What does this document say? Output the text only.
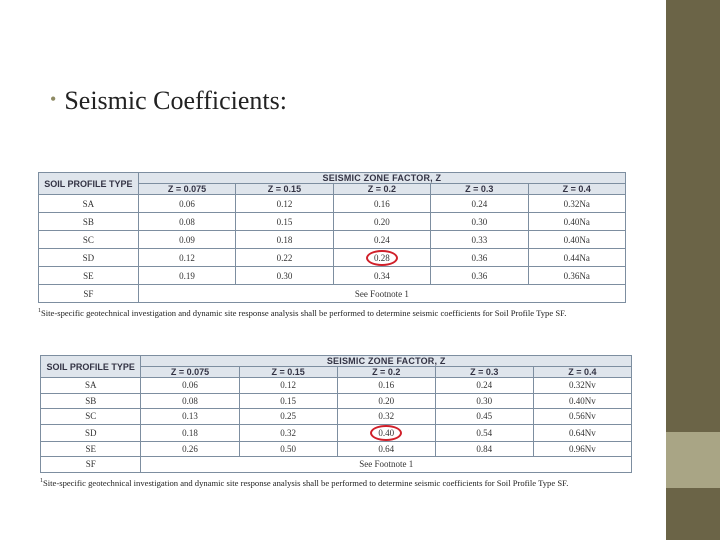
• Seismic Coefficients:
SOIL PROFILE TYPE	SEISMIC ZONE FACTOR, Z				
	Z = 0.075	Z = 0.15	Z = 0.2	Z = 0.3	Z = 0.4
SA	0.06	0.12	0.16	0.24	0.32Na
SB	0.08	0.15	0.20	0.30	0.40Na
SC	0.09	0.18	0.24	0.33	0.40Na
SD	0.12	0.22	0.28	0.36	0.44Na
SE	0.19	0.30	0.34	0.36	0.36Na
SF	See Footnote 1				
$^1$Site-specific geotechnical investigation and dynamic site response analysis shall be performed to determine seismic coefficients for Soil Profile Type SF.
SOIL PROFILE TYPE	SEISMIC ZONE FACTOR, Z				
	Z = 0.075	Z = 0.15	Z = 0.2	Z = 0.3	Z = 0.4
SA	0.06	0.12	0.16	0.24	0.32Nv
SB	0.08	0.15	0.20	0.30	0.40Nv
SC	0.13	0.25	0.32	0.45	0.56Nv
SD	0.18	0.32	0.40	0.54	0.64Nv
SE	0.26	0.50	0.64	0.84	0.96Nv
SF	See Footnote 1				
$^1$Site-specific geotechnical investigation and dynamic site response analysis shall be performed to determine seismic coefficients for Soil Profile Type SF.
